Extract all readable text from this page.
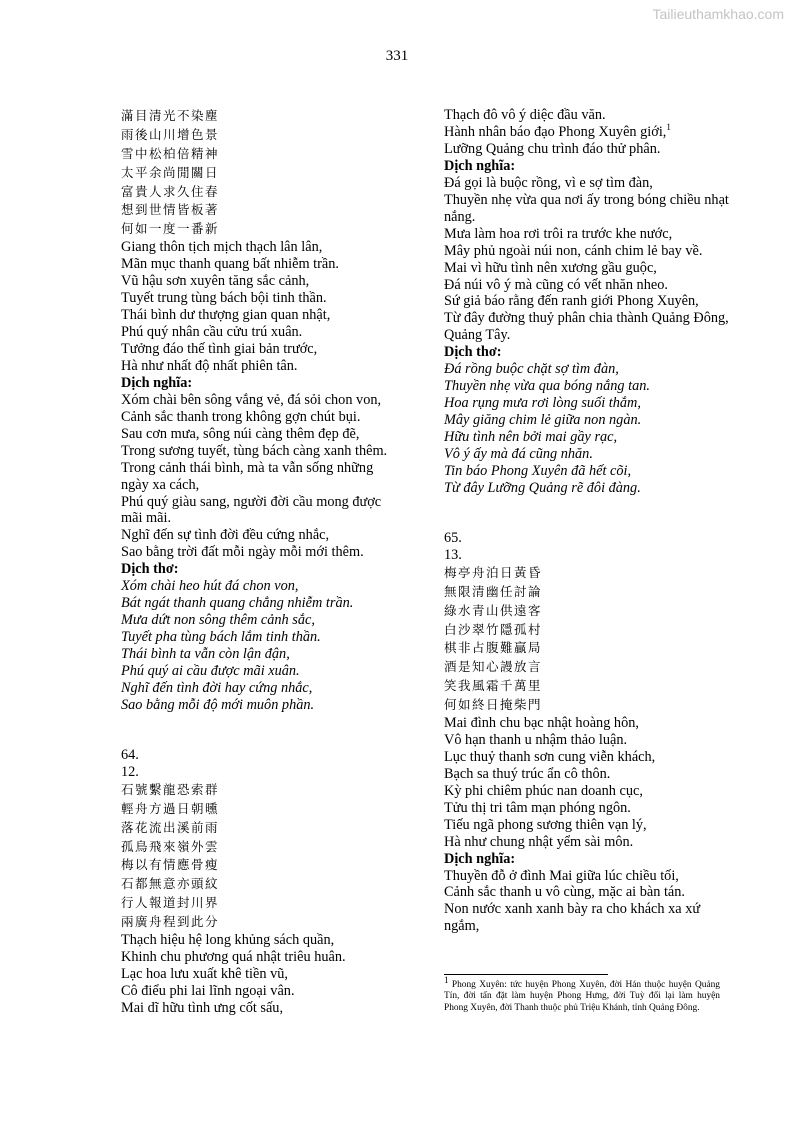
Tailieuthamkhao.com
331
滿目清光不染塵
雨後山川增色景
雪中松柏倍精神
太平余尚閒關日
富貴人求久住春
想到世情皆板著
何如一度一番新
Giang thôn tịch mịch thạch lân lân,
Mãn mục thanh quang bất nhiễm trần.
Vũ hậu sơn xuyên tăng sắc cảnh,
Tuyết trung tùng bách bội tinh thần.
Thái bình dư thượng gian quan nhật,
Phú quý nhân cầu cửu trú xuân.
Tưởng đáo thế tình giai bản trước,
Hà như nhất độ nhất phiên tân.
Dịch nghĩa:
Xóm chài bên sông vắng vẻ, đá sỏi chon von,
Cảnh sắc thanh trong không gợn chút bụi.
Sau cơn mưa, sông núi càng thêm đẹp đẽ,
Trong sương tuyết, tùng bách càng xanh thêm.
Trong cảnh thái bình, mà ta vẫn sống những ngày xa cách,
Phú quý giàu sang, người đời cầu mong được mãi mãi.
Nghĩ đến sự tình đời đều cứng nhắc,
Sao bằng trời đất mỗi ngày mỗi mới thêm.
Dịch thơ:
Xóm chài heo hút đá chon von,
Bát ngát thanh quang chẳng nhiễm trần.
Mưa dứt non sông thêm cảnh sắc,
Tuyết pha tùng bách lắm tinh thần.
Thái bình ta vẫn còn lận đận,
Phú quý ai cầu được mãi xuân.
Nghĩ đến tình đời hay cứng nhắc,
Sao bằng mỗi độ mới muôn phần.
64.
12.
石號繫龍恐索群
輕舟方過日朝曛
落花流出溪前雨
孤鳥飛來嶺外雲
梅以有情應骨瘦
石都無意亦頭紋
行人報道封川界
兩廣舟程到此分
Thạch hiệu hệ long khủng sách quần,
Khinh chu phương quá nhật triêu huân.
Lạc hoa lưu xuất khê tiền vũ,
Cô điểu phi lai lĩnh ngoại vân.
Mai dĩ hữu tình ưng cốt sấu,
Thạch đô vô ý diệc đầu văn.
Hành nhân báo đạo Phong Xuyên giới,$^1$
Lưỡng Quảng chu trình đáo thử phân.
Dịch nghĩa:
Đá gọi là buộc rồng, vì e sợ tìm đàn,
Thuyền nhẹ vừa qua nơi ấy trong bóng chiều nhạt nắng.
Mưa làm hoa rơi trôi ra trước khe nước,
Mây phủ ngoài núi non, cánh chim lẻ bay về.
Mai vì hữu tình nên xương gầu guộc,
Đá núi vô ý mà cũng có vết nhăn nheo.
Sứ giả báo rằng đến ranh giới Phong Xuyên,
Từ đây đường thuỷ phân chia thành Quảng Đông, Quảng Tây.
Dịch thơ:
Đá rồng buộc chặt sợ tìm đàn,
Thuyền nhẹ vừa qua bóng nắng tan.
Hoa rụng mưa rơi lòng suối thắm,
Mây giăng chim lẻ giữa non ngàn.
Hữu tình nên bởi mai gầy rạc,
Vô ý ấy mà đá cũng nhăn.
Tin báo Phong Xuyên đã hết cõi,
Từ đây Lưỡng Quảng rẽ đôi đàng.
65.
13.
梅亭舟泊日黃昏
無限清幽任討論
綠水青山供遠客
白沙翠竹隱孤村
棋非占腹難贏局
酒是知心謾放言
笑我風霜千萬里
何如終日掩柴門
Mai đình chu bạc nhật hoàng hôn,
Vô hạn thanh u nhậm thảo luận.
Lục thuỷ thanh sơn cung viễn khách,
Bạch sa thuý trúc ẩn cô thôn.
Kỳ phi chiêm phúc nan doanh cục,
Tửu thị tri tâm mạn phóng ngôn.
Tiếu ngã phong sương thiên vạn lý,
Hà như chung nhật yểm sài môn.
Dịch nghĩa:
Thuyền đỗ ở đình Mai giữa lúc chiều tối,
Cảnh sắc thanh u vô cùng, mặc ai bàn tán.
Non nước xanh xanh bày ra cho khách xa xứ ngắm,
$^1$ Phong Xuyên: tức huyện Phong Xuyên, đời Hán thuộc huyện Quảng Tín, đời tấn đặt làm huyện Phong Hưng, đời Tuỳ đổi lại làm huyện Phong Xuyên, đời Thanh thuộc phủ Triệu Khánh, tỉnh Quảng Đông.
